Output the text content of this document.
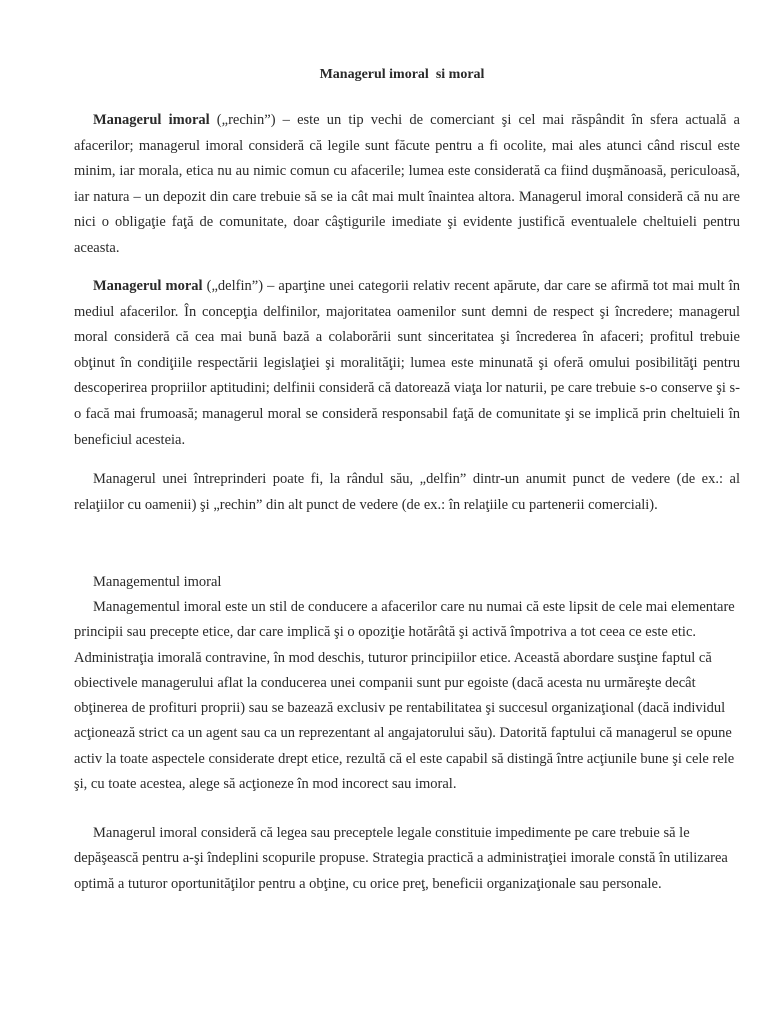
Managerul imoral  si moral

Managerul imoral („rechin”) – este un tip vechi de comerciant şi cel mai răspândit în sfera actuală a afacerilor; managerul imoral consideră că legile sunt făcute pentru a fi ocolite, mai ales atunci când riscul este minim, iar morala, etica nu au nimic comun cu afacerile; lumea este considerată ca fiind duşmănoasă, periculoasă, iar natura – un depozit din care trebuie să se ia cât mai mult înaintea altora. Managerul imoral consideră că nu are nici o obligaţie faţă de comunitate, doar câştigurile imediate şi evidente justifică eventualele cheltuieli pentru aceasta.

Managerul moral („delfin”) – aparţine unei categorii relativ recent apărute, dar care se afirmă tot mai mult în mediul afacerilor. În concepţia delfinilor, majoritatea oamenilor sunt demni de respect şi încredere; managerul moral consideră că cea mai bună bază a colaborării sunt sinceritatea şi încrederea în afaceri; profitul trebuie obţinut în condiţiile respectării legislaţiei şi moralităţii; lumea este minunată şi oferă omului posibilităţi pentru descoperirea propriilor aptitudini; delfinii consideră că datorează viaţa lor naturii, pe care trebuie s-o conserve şi s-o facă mai frumoasă; managerul moral se consideră responsabil faţă de comunitate şi se implică prin cheltuieli în beneficiul acesteia.

Managerul unei întreprinderi poate fi, la rândul său, „delfin” dintr-un anumit punct de vedere (de ex.: al relaţiilor cu oamenii) şi „rechin” din alt punct de vedere (de ex.: în relaţiile cu partenerii comerciali).

Managementul imoral

Managementul imoral este un stil de conducere a afacerilor care nu numai că este lipsit de cele mai elementare principii sau precepte etice, dar care implică şi o opoziţie hotărâtă şi activă împotriva a tot ceea ce este etic. Administraţia imorală contravine, în mod deschis, tuturor principiilor etice. Această abordare susţine faptul că obiectivele managerului aflat la conducerea unei companii sunt pur egoiste (dacă acesta nu urmăreşte decât obţinerea de profituri proprii) sau se bazează exclusiv pe rentabilitatea şi succesul organizaţional (dacă individul acţionează strict ca un agent sau ca un reprezentant al angajatorului său). Datorită faptului că managerul se opune activ la toate aspectele considerate drept etice, rezultă că el este capabil să distingă între acţiunile bune şi cele rele şi, cu toate acestea, alege să acţioneze în mod incorect sau imoral.

Managerul imoral consideră că legea sau preceptele legale constituie impedimente pe care trebuie să le depăşească pentru a-şi îndeplini scopurile propuse. Strategia practică a administraţiei imorale constă în utilizarea optimă a tuturor oportunităţilor pentru a obţine, cu orice preţ, beneficii organizaţionale sau personale.
